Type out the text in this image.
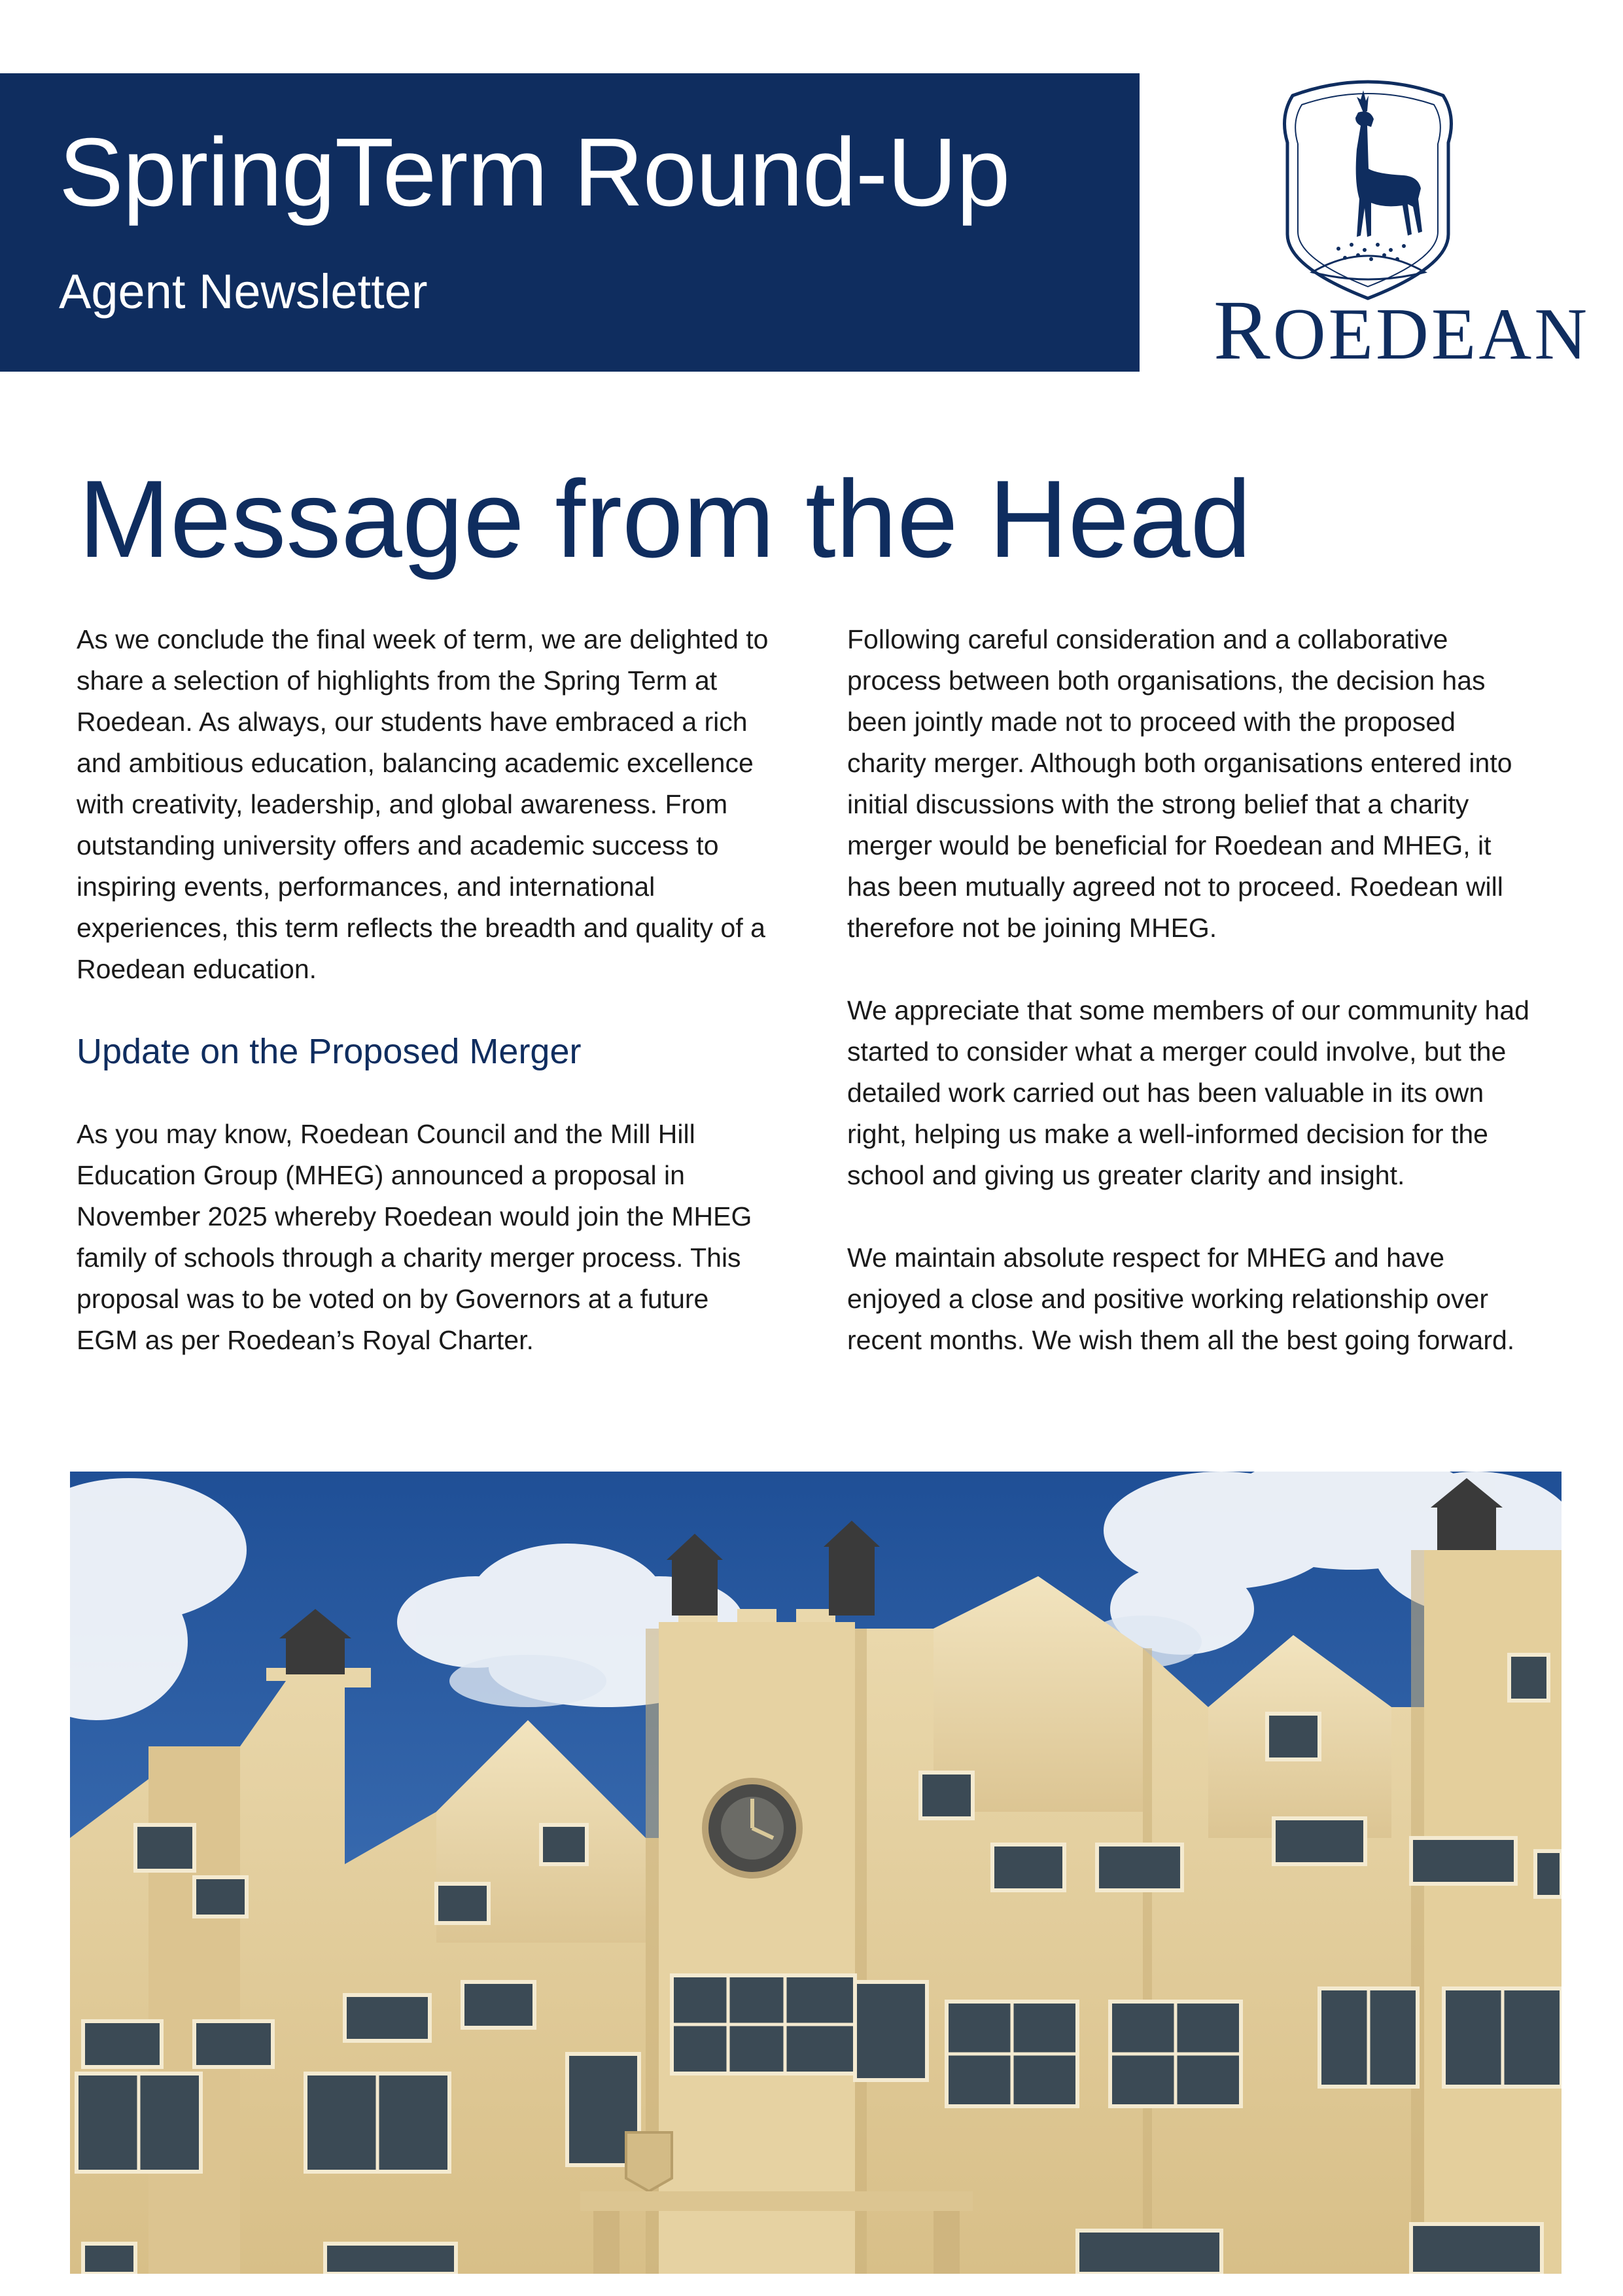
SpringTerm Round-Up
Agent Newsletter	ROEDEAN
Message from the Head

As we conclude the final week of term, we are delighted to share a selection of highlights from the Spring Term at Roedean. As always, our students have embraced a rich and ambitious education, balancing academic excellence with creativity, leadership, and global awareness. From outstanding university offers and academic success to inspiring events, performances, and international experiences, this term reflects the breadth and quality of a Roedean education.

Update on the Proposed Merger

As you may know, Roedean Council and the Mill Hill Education Group (MHEG) announced a proposal in November 2025 whereby Roedean would join the MHEG family of schools through a charity merger process. This proposal was to be voted on by Governors at a future EGM as per Roedean’s Royal Charter.

Following careful consideration and a collaborative process between both organisations, the decision has been jointly made not to proceed with the proposed charity merger. Although both organisations entered into initial discussions with the strong belief that a charity merger would be beneficial for Roedean and MHEG, it has been mutually agreed not to proceed. Roedean will therefore not be joining MHEG.

We appreciate that some members of our community had started to consider what a merger could involve, but the detailed work carried out has been valuable in its own right, helping us make a well-informed decision for the school and giving us greater clarity and insight.

We maintain absolute respect for MHEG and have enjoyed a close and positive working relationship over recent months. We wish them all the best going forward.
